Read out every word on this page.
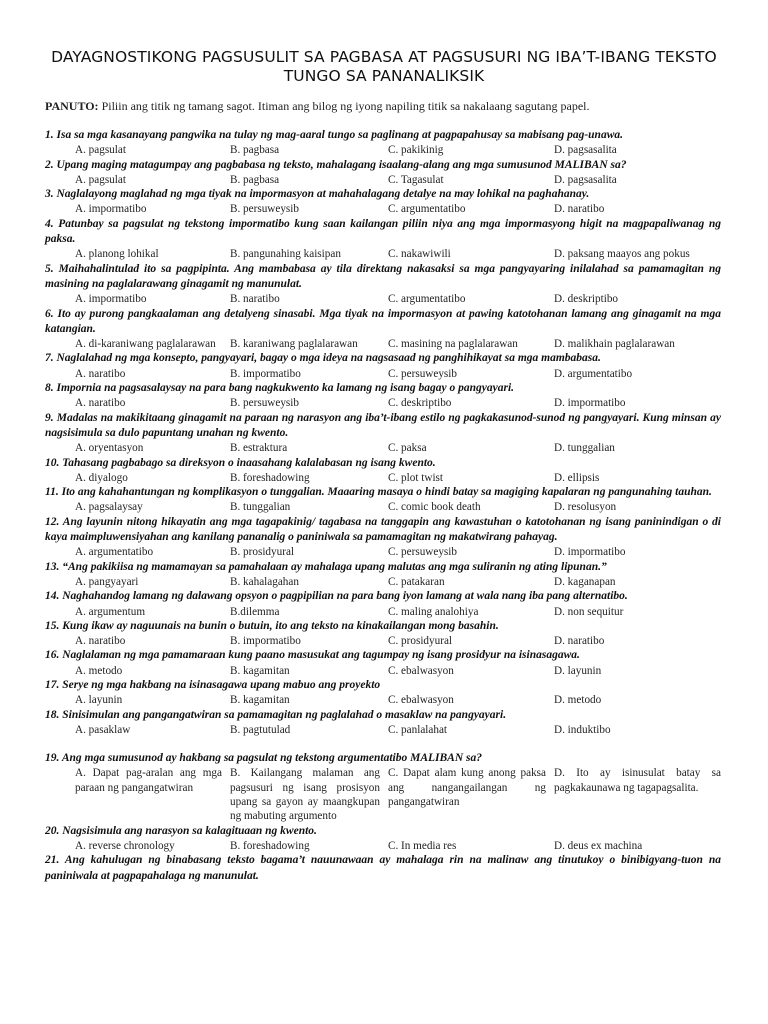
DAYAGNOSTIKONG PAGSUSULIT SA PAGBASA AT PAGSUSURI NG IBA’T-IBANG TEKSTO
TUNGO SA PANANALIKSIK
PANUTO: Piliin ang titik ng tamang sagot. Itiman ang bilog ng iyong napiling titik sa nakalaang sagutang papel.
1. Isa sa mga kasanayang pangwika na tulay ng mag-aaral tungo sa paglinang at pagpapahusay sa mabisang pag-unawa.
A. pagsulat	B. pagbasa	C. pakikinig	D. pagsasalita
2. Upang maging matagumpay ang pagbabasa ng teksto, mahalagang isaalang-alang ang mga sumusunod MALIBAN sa?
A. pagsulat	B. pagbasa	C. Tagasulat	D. pagsasalita
3. Naglalayong maglahad ng mga tiyak na impormasyon at mahahalagang detalye na may lohikal na paghahanay.
A. impormatibo	B. persuweysib	C. argumentatibo	D. naratibo
4. Patunbay sa pagsulat ng tekstong impormatibo kung saan kailangan piliin niya ang mga impormasyong higit na magpapaliwanag ng paksa.
A. planong lohikal	B. pangunahing kaisipan	C. nakawiwili	D. paksang maayos ang pokus
5. Maihahalintulad ito sa pagpipinta. Ang mambabasa ay tila direktang nakasaksi sa mga pangyayaring inilalahad sa pamamagitan ng masining na paglalarawang ginagamit ng manunulat.
A. impormatibo	B. naratibo	C. argumentatibo	D. deskriptibo
6. Ito ay purong pangkaalaman ang detalyeng sinasabi. Mga tiyak na impormasyon at pawing katotohanan lamang ang ginagamit na mga katangian.
A. di-karaniwang paglalarawan	B. karaniwang paglalarawan	C. masining na paglalarawan	D. malikhain paglalarawan
7. Naglalahad ng mga konsepto, pangyayari, bagay o mga ideya na nagsasaad ng panghihikayat sa mga mambabasa.
A. naratibo	B. impormatibo	C. persuweysib	D. argumentatibo
8. Impornia na pagsasalaysay na para bang nagkukwento ka lamang ng isang bagay o pangyayari.
A. naratibo	B. persuweysib	C. deskriptibo	D. impormatibo
9. Madalas na makikitaang ginagamit na paraan ng narasyon ang iba’t-ibang estilo ng pagkakasunod-sunod ng pangyayari. Kung minsan ay nagsisimula sa dulo papuntang unahan ng kwento.
A. oryentasyon	B. estraktura	C. paksa	D. tunggalian
10. Tahasang pagbabago sa direksyon o inaasahang kalalabasan ng isang kwento.
A. diyalogo	B. foreshadowing	C. plot twist	D. ellipsis
11. Ito ang kahahantungan ng komplikasyon o tunggalian. Maaaring masaya o hindi batay sa magiging kapalaran ng pangunahing tauhan.
A. pagsalaysay	B. tunggalian	C. comic book death	D. resolusyon
12. Ang layunin nitong hikayatin ang mga tagapakinig/ tagabasa na tanggapin ang kawastuhan o katotohanan ng isang paninindigan o di kaya maimpluwensiyahan ang kanilang pananalig o paniniwala sa pamamagitan ng makatwirang pahayag.
A. argumentatibo	B. prosidyural	C. persuweysib	D. impormatibo
13. “Ang pakikiisa ng mamamayan sa pamahalaan ay mahalaga upang malutas ang mga suliranin ng ating lipunan.”
A. pangyayari	B. kahalagahan	C. patakaran	D. kaganapan
14. Naghahandog lamang ng dalawang opsyon o pagpipilian na para bang iyon lamang at wala nang iba pang alternatibo.
A. argumentum	B.dilemma	C. maling analohiya	D. non sequitur
15. Kung ikaw ay naguunais na bunin o butuin, ito ang teksto na kinakailangan mong basahin.
A. naratibo	B. impormatibo	C. prosidyural	D. naratibo
16. Naglalaman ng mga pamamaraan kung paano masusukat ang tagumpay ng isang prosidyur na isinasagawa.
A. metodo	B. kagamitan	C. ebalwasyon	D. layunin
17. Serye ng mga hakbang na isinasagawa upang mabuo ang proyekto
A. layunin	B. kagamitan	C. ebalwasyon	D. metodo
18. Sinisimulan ang pangangatwiran sa pamamagitan ng paglalahad o masaklaw na pangyayari.
A. pasaklaw	B. pagtutulad	C. panlalahat	D. induktibo
19. Ang mga sumusunod ay hakbang sa pagsulat ng tekstong argumentatibo MALIBAN sa?
A. Dapat pag-aralan ang mga paraan ng pangangatwiran
B. Kailangang malaman ang pagsusuri ng isang prosisyon upang sa gayon ay maangkupan ng mabuting argumento
C. Dapat alam kung anong paksa ang nangangailangan ng pangangatwiran
D. Ito ay isinusulat batay sa pagkakaunawa ng tagapagsalita.
20. Nagsisimula ang narasyon sa kalagituaan ng kwento.
A. reverse chronology	B. foreshadowing	C. In media res	D. deus ex machina
21. Ang kahulugan ng binabasang teksto bagama’t nauunawaan ay mahalaga rin na malinaw ang tinutukoy o binibigyang-tuon na paniniwala at pagpapahalaga ng manunulat.
